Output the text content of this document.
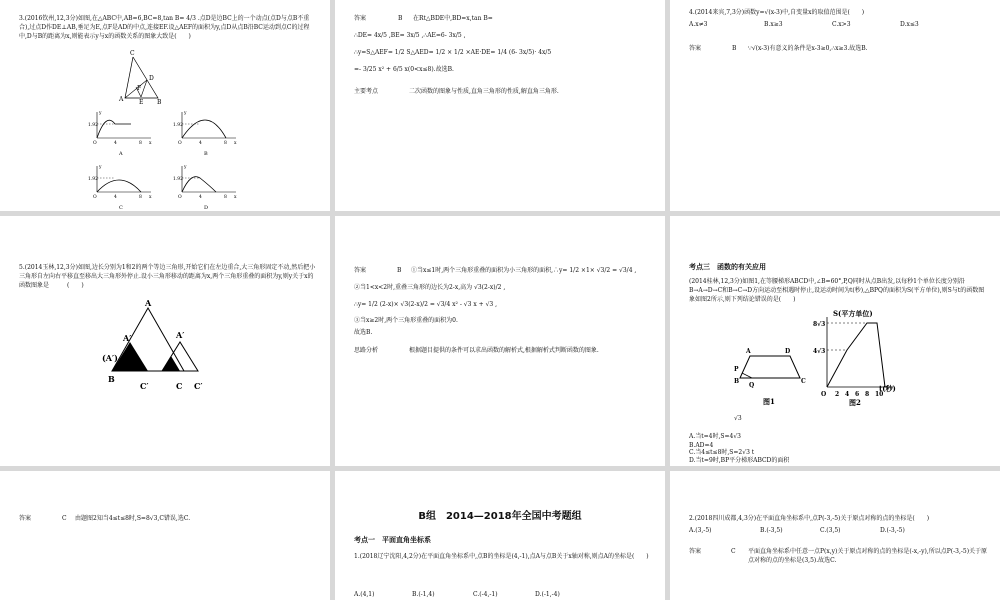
3.(2016钦州,12,3分)如图,在△ABC中,AB=6,BC=8,tan B= 4/3 .点D是边BC上的一个动点(点D与点B不重合),过点D作DE⊥AB,垂足为E,点F是AD的中点,连接EF.设△AEF的面积为y,点D从点B沿BC运动到点C的过程中,D与B的距离为x,则能表示y与x的函数关系的图象大致是(　　)
C
D
F
A	E B
1.92
4	8 x
y
O
A
1.92
4	8 x
y
O
B
1.92
4	8 x
y
O
C
1.92
4	8 x
y
O
D
答案	B 在Rt△BDE中,BD=x,tan B=
∴DE= 4x/5 ,BE= 3x/5 ,∴AE=6- 3x/5 ,
∴y=S△AEF= 1/2 S△AED= 1/2 × 1/2 ×AE·DE= 1/4 (6- 3x/5)· 4x/5
=- 3/25 x² + 6/5 x(0<x≤8).故选B.
主要考点	二次函数的图象与性质,直角三角形的性质,解直角三角形.
4.(2014来宾,7,3分)函数y=√(x-3)中,自变量x的取值范围是(　　)
A.x≠3	B.x≥3	C.x>3	D.x≤3
答案	B ∵√(x-3)有意义的条件是x-3≥0,∴x≥3.故选B.
5.(2014玉林,12,3分)如图,边长分别为1和2的两个等边三角形,开始它们在左边重合,大三角形固定不动,然后把小三角形自左向右平移直至移出大三角形外停止.设小三角形移动的距离为x,两个三角形重叠的面积为y,则y关于x的函数图象是　　　(　　)
A
A′	A′
(A′)
B
C′	C C′
答案	B ①当x≤1时,两个三角形重叠的面积为小三角形的面积,∴y= 1/2 ×1× √3/2 = √3/4 ,
②当1<x<2时,重叠三角形的边长为2-x,高为 √3(2-x)/2 ,
∴y= 1/2 (2-x)× √3(2-x)/2 = √3/4 x² - √3 x + √3 ,
③当x≥2时,两个三角形重叠的面积为0.
故选B.
思路分析	根据题目提供的条件可以求出函数的解析式,根据解析式判断函数的图象.
考点三　函数的有关应用
(2014桂林,12,3分)如图1,在等腰梯形ABCD中,∠B=60°,P,Q同时从点B出发,以每秒1个单位长度分别沿B→A→D→C和B→C→D方向运动至相遇时停止,设运动时间为t(秒),△BPQ的面积为S(平方单位),则S与t的函数图象如图2所示,则下列结论错误的是(　　)
A	D
P
B
Q
C
图1
S(平方单位)
t(秒)
8√3
4√3
2 4 6 8 10
O
图2
√3
A.当t=4时,S=4√3
B.AD=4
C.当4≤t≤8时,S=2√3 t
D.当t=9时,BP平分梯形ABCD的面积
答案	C 由题图2知当4≤t≤8时,S=8√3,C错误,选C.	B组　2014—2018年全国中考题组
考点一　平面直角坐标系
1.(2018辽宁沈阳,4,2分)在平面直角坐标系中,点B的坐标是(4,-1),点A与点B关于x轴对称,则点A的坐标是(　　)
A.(4,1)	B.(-1,4)	C.(-4,-1)	D.(-1,-4)
2.(2018四川成都,4,3分)在平面直角坐标系中,点P(-3,-5)关于原点对称的点的坐标是(　　)
A.(3,-5)	B.(-3,5)	C.(3,5)	D.(-3,-5)
答案	C 平面直角坐标系中任意一点P(x,y)关于原点对称的点的坐标是(-x,-y),所以点P(-3,-5)关于原点对称的点的坐标是(3,5).故选C.
